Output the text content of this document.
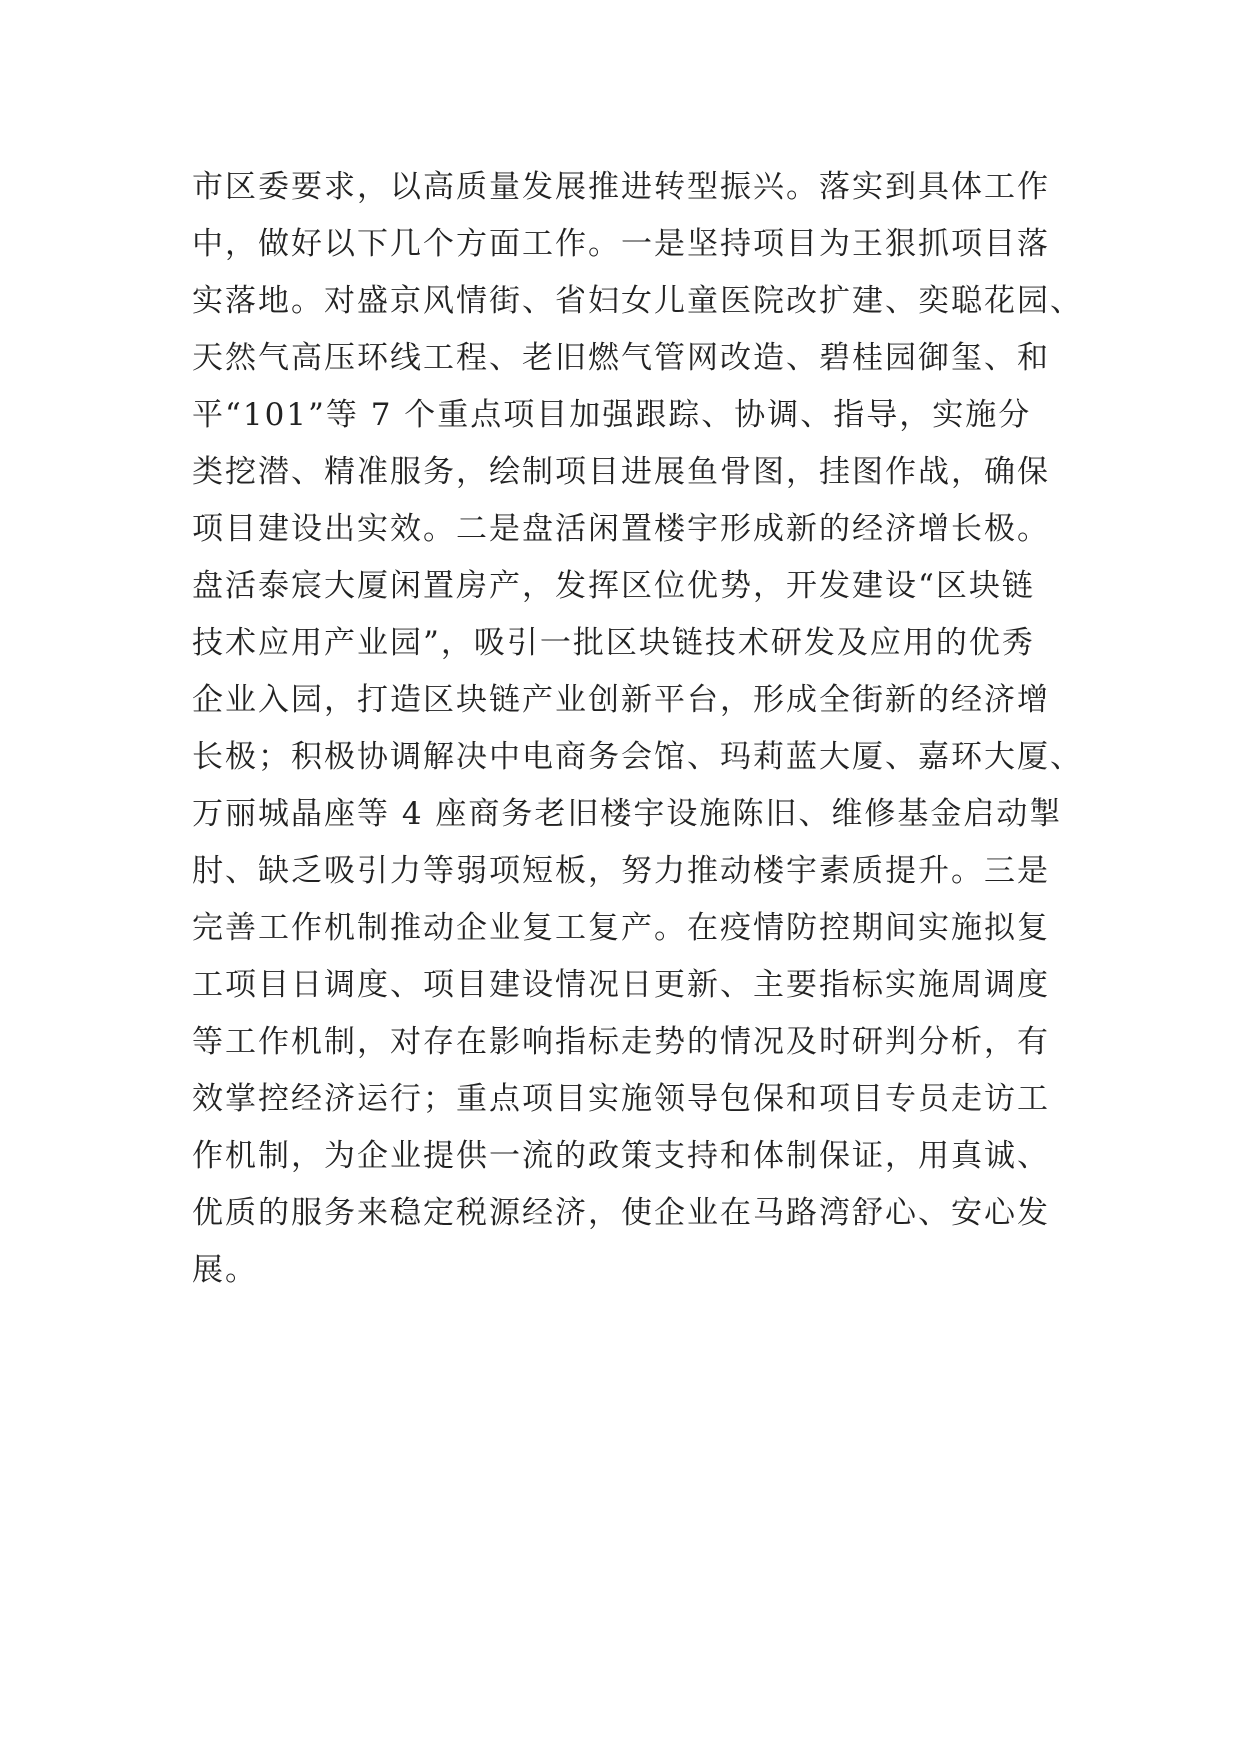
市区委要求，以高质量发展推进转型振兴。落实到具体工作
中，做好以下几个方面工作。一是坚持项目为王狠抓项目落
实落地。对盛京风情街、省妇女儿童医院改扩建、奕聪花园、
天然气高压环线工程、老旧燃气管网改造、碧桂园御玺、和
平“101”等 7 个重点项目加强跟踪、协调、指导，实施分
类挖潜、精准服务，绘制项目进展鱼骨图，挂图作战，确保
项目建设出实效。二是盘活闲置楼宇形成新的经济增长极。
盘活泰宸大厦闲置房产，发挥区位优势，开发建设“区块链
技术应用产业园”，吸引一批区块链技术研发及应用的优秀
企业入园，打造区块链产业创新平台，形成全街新的经济增
长极；积极协调解决中电商务会馆、玛莉蓝大厦、嘉环大厦、
万丽城晶座等 4 座商务老旧楼宇设施陈旧、维修基金启动掣
肘、缺乏吸引力等弱项短板，努力推动楼宇素质提升。三是
完善工作机制推动企业复工复产。在疫情防控期间实施拟复
工项目日调度、项目建设情况日更新、主要指标实施周调度
等工作机制，对存在影响指标走势的情况及时研判分析，有
效掌控经济运行；重点项目实施领导包保和项目专员走访工
作机制，为企业提供一流的政策支持和体制保证，用真诚、
优质的服务来稳定税源经济，使企业在马路湾舒心、安心发
展。
